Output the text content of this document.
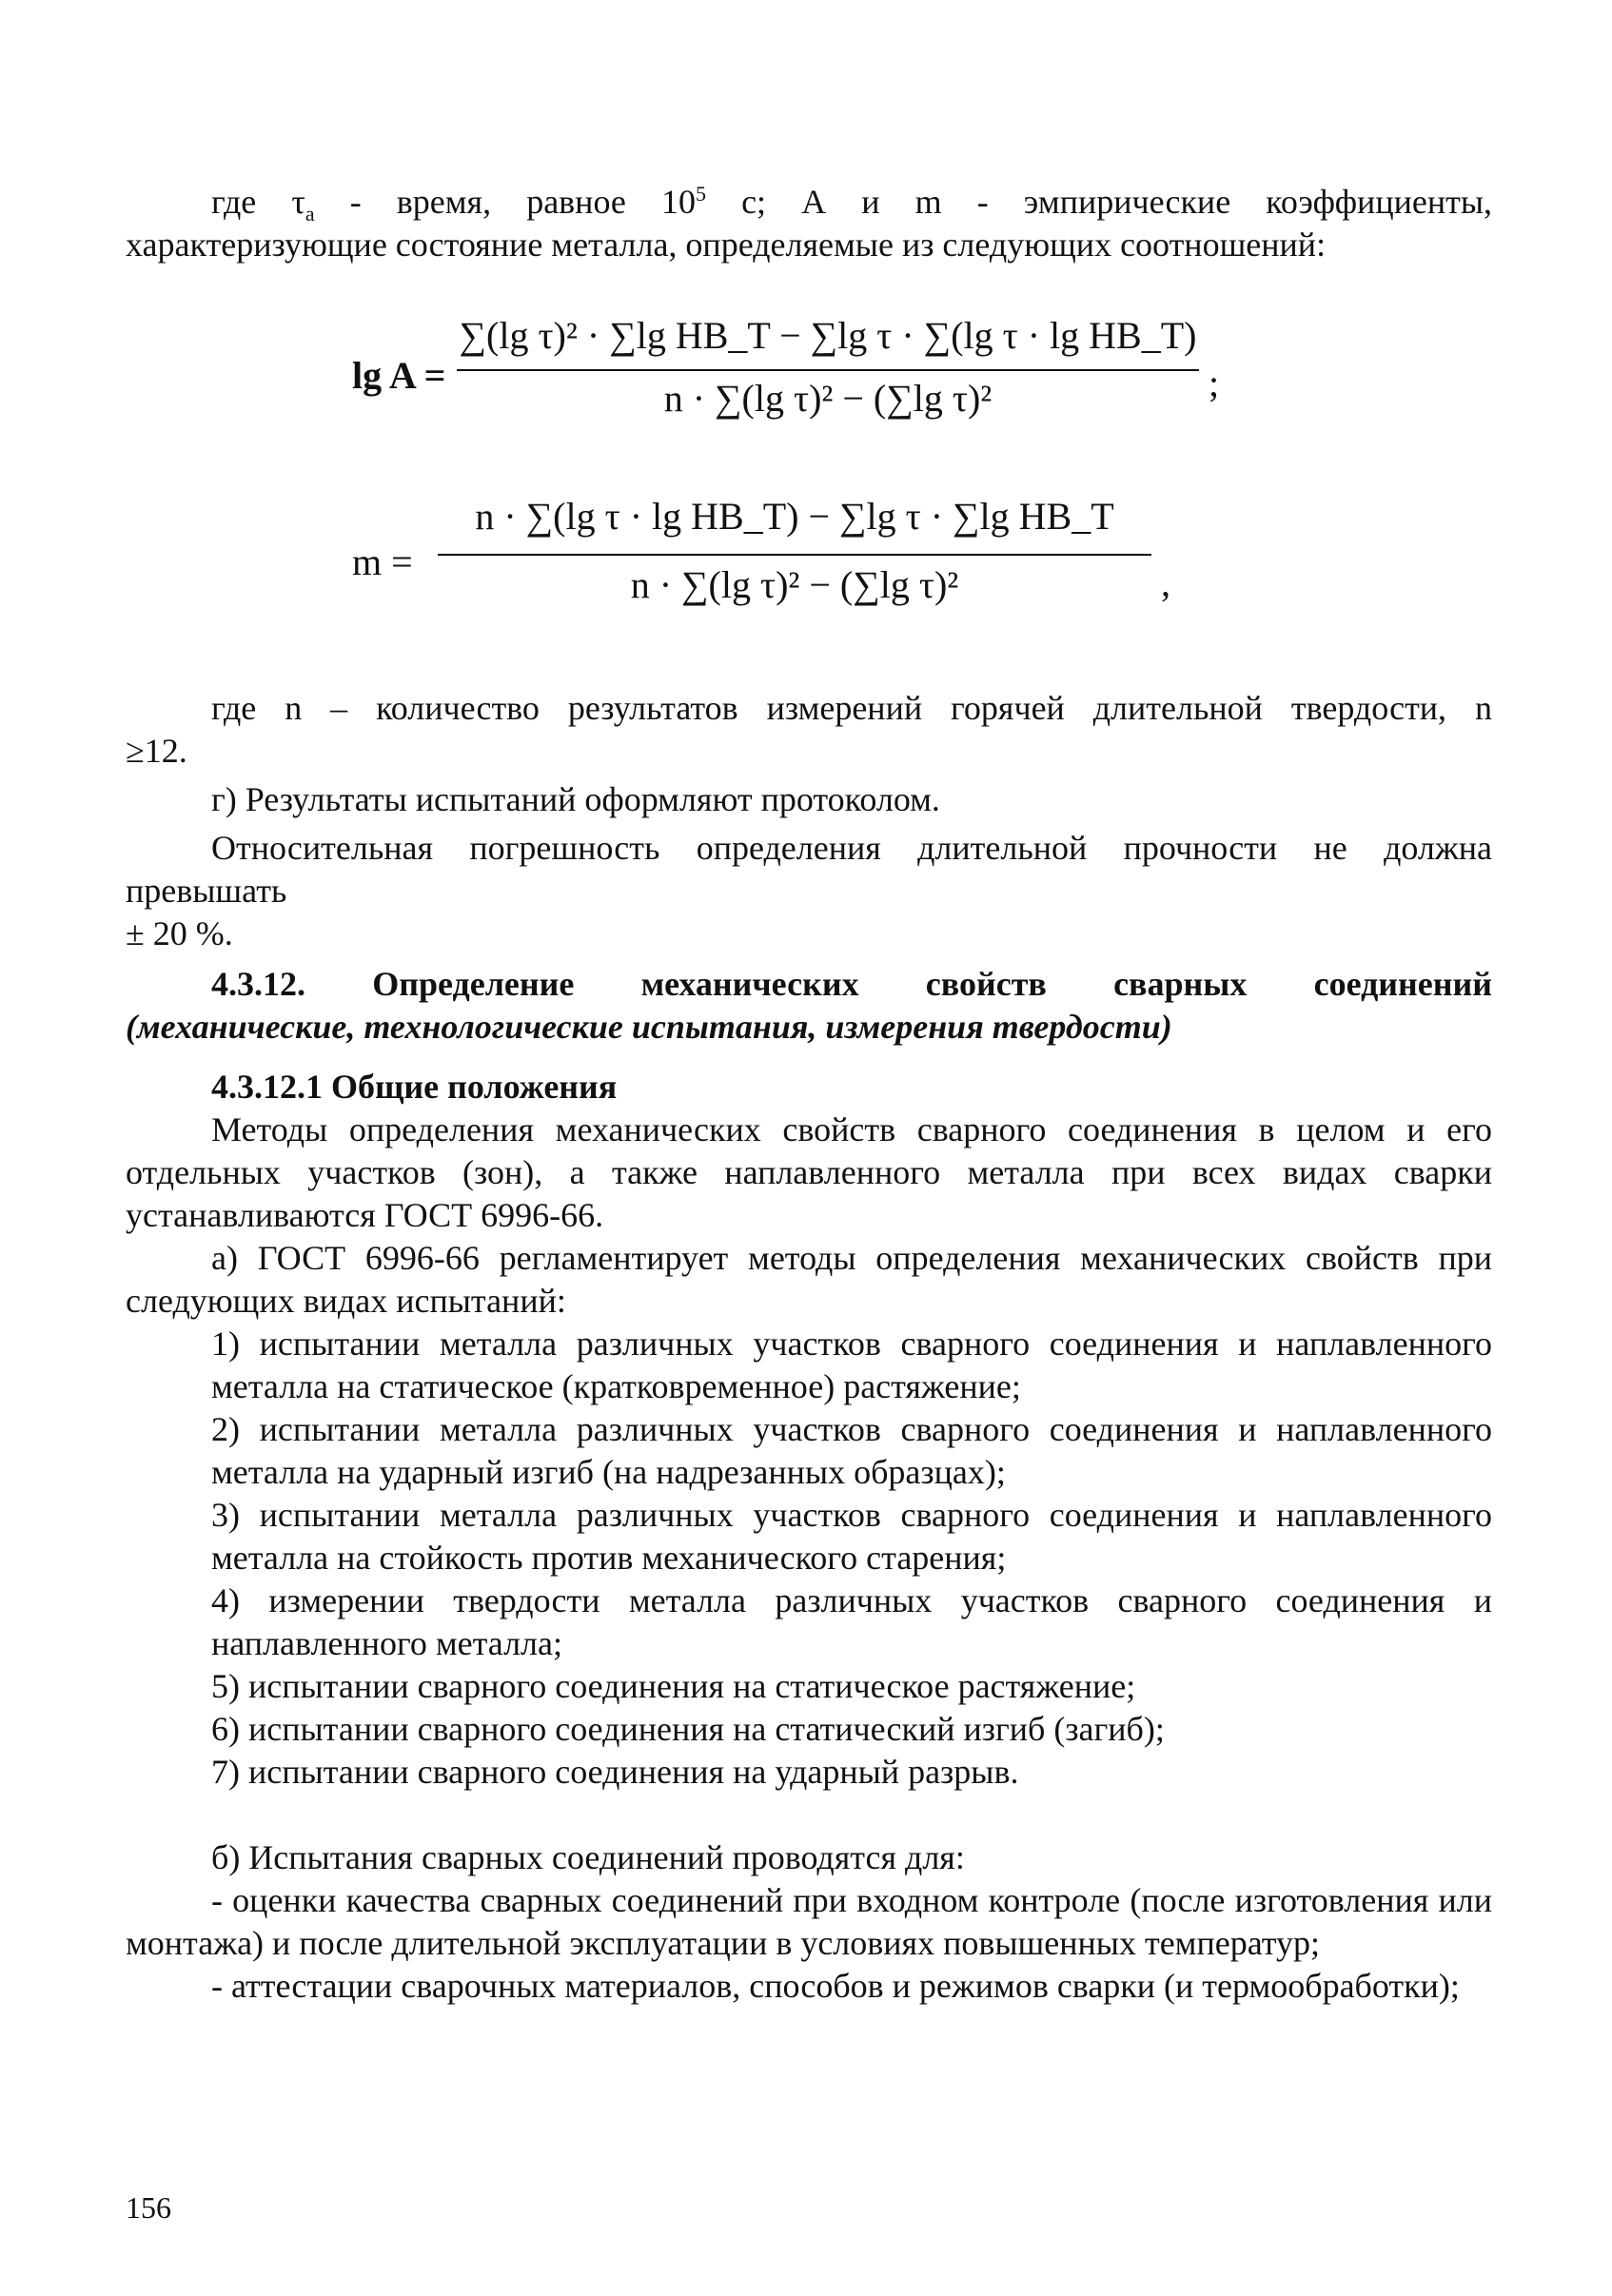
где $\tau_а$ - время, равное $10^5$ с; А и m - эмпирические коэффициенты,

характеризующие состояние металла, определяемые из следующих соотношений:

lg A =
∑(lg τ)² · ∑lg HB_T − ∑lg τ · ∑(lg τ · lg HB_T)
n · ∑(lg τ)² − (∑lg τ)²	;
m =
n · ∑(lg τ · lg HB_T) − ∑lg τ · ∑lg HB_T
n · ∑(lg τ)² − (∑lg τ)²	,

где n – количество результатов измерений горячей длительной твердости, n

≥12.

г) Результаты испытаний оформляют протоколом.

Относительная погрешность определения длительной прочности не должна

превышать

± 20 %.

4.3.12. Определение механических свойств сварных соединений

(механические, технологические испытания, измерения твердости)

4.3.12.1 Общие положения

Методы определения механических свойств сварного соединения в целом и его отдельных участков (зон), а также наплавленного металла при всех видах сварки устанавливаются ГОСТ 6996-66.

а) ГОСТ 6996-66 регламентирует методы определения механических свойств при следующих видах испытаний:

1) испытании металла различных участков сварного соединения и наплавленного металла на статическое (кратковременное) растяжение;

2) испытании металла различных участков сварного соединения и наплавленного металла на ударный изгиб (на надрезанных образцах);

3) испытании металла различных участков сварного соединения и наплавленного металла на стойкость против механического старения;

4) измерении твердости металла различных участков сварного соединения и наплавленного металла;

5) испытании сварного соединения на статическое растяжение;

6) испытании сварного соединения на статический изгиб (загиб);

7) испытании сварного соединения на ударный разрыв.

б) Испытания сварных соединений проводятся для:

- оценки качества сварных соединений при входном контроле (после изготовления или монтажа) и после длительной эксплуатации в условиях повышенных температур;

- аттестации сварочных материалов, способов и режимов сварки (и термообработки);

156
